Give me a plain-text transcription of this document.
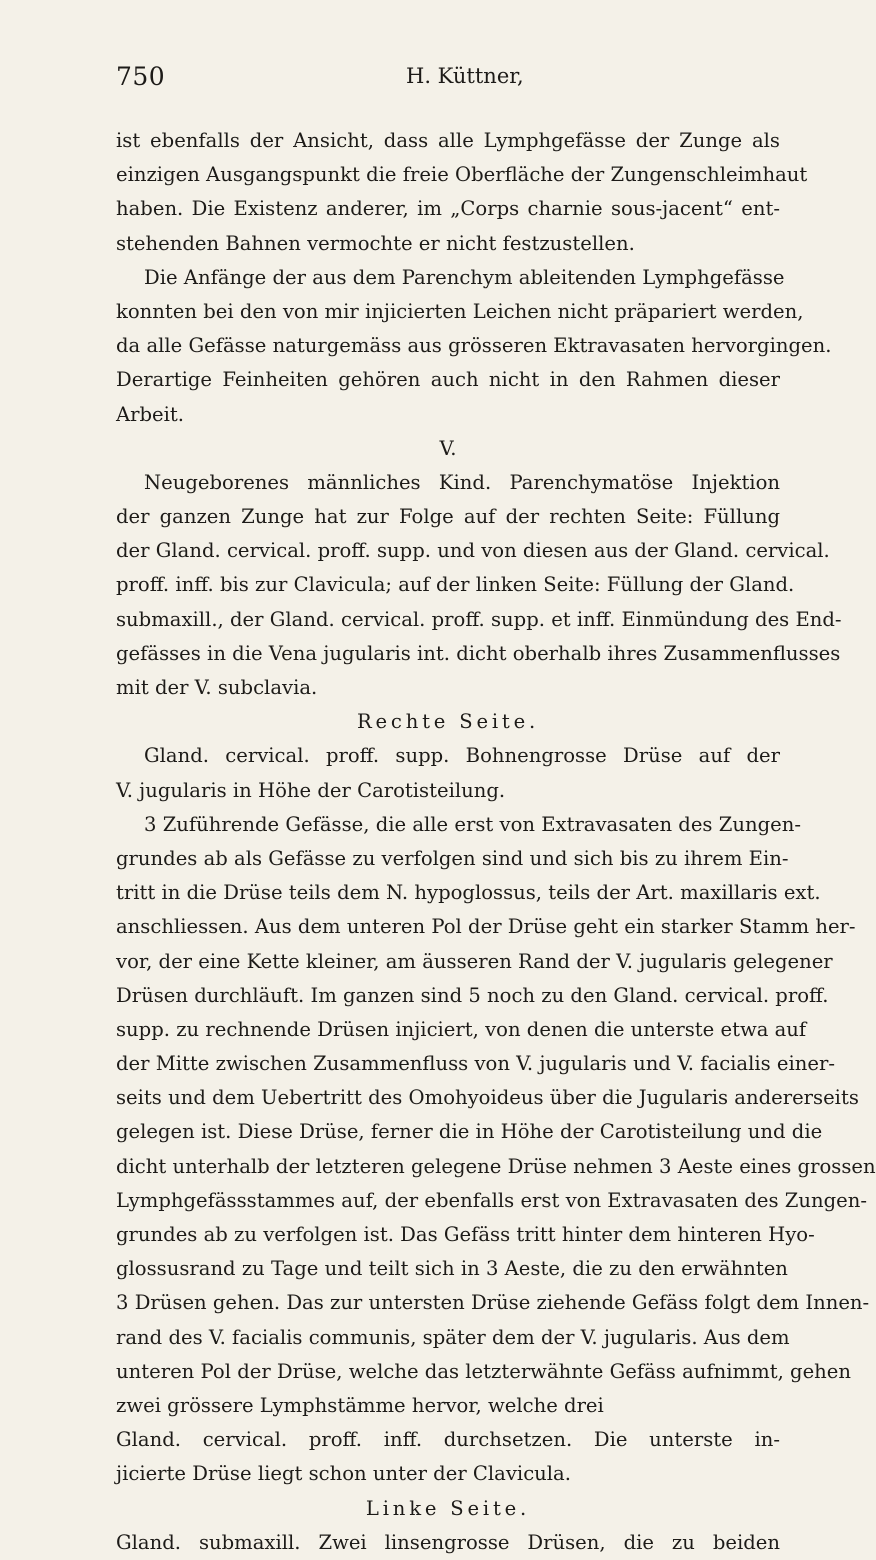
750	H. Küttner,
ist ebenfalls der Ansicht, dass alle Lymphgefässe der Zunge als
einzigen Ausgangspunkt die freie Oberfläche der Zungenschleimhaut
haben. Die Existenz anderer, im „Corps charnie sous-jacent“ ent-
stehenden Bahnen vermochte er nicht festzustellen.
Die Anfänge der aus dem Parenchym ableitenden Lymphgefässe
konnten bei den von mir injicierten Leichen nicht präpariert werden,
da alle Gefässe naturgemäss aus grösseren Ektravasaten hervorgingen.
Derartige Feinheiten gehören auch nicht in den Rahmen dieser
Arbeit.
V.
Neugeborenes männliches Kind. Parenchymatöse Injektion
der ganzen Zunge hat zur Folge auf der rechten Seite: Füllung
der Gland. cervical. proff. supp. und von diesen aus der Gland. cervical.
proff. inff. bis zur Clavicula; auf der linken Seite: Füllung der Gland.
submaxill., der Gland. cervical. proff. supp. et inff. Einmündung des End-
gefässes in die Vena jugularis int. dicht oberhalb ihres Zusammenflusses
mit der V. subclavia.
Rechte Seite.
Gland. cervical. proff. supp. Bohnengrosse Drüse auf der
V. jugularis in Höhe der Carotisteilung.
3 Zuführende Gefässe, die alle erst von Extravasaten des Zungen-
grundes ab als Gefässe zu verfolgen sind und sich bis zu ihrem Ein-
tritt in die Drüse teils dem N. hypoglossus, teils der Art. maxillaris ext.
anschliessen. Aus dem unteren Pol der Drüse geht ein starker Stamm her-
vor, der eine Kette kleiner, am äusseren Rand der V. jugularis gelegener
Drüsen durchläuft. Im ganzen sind 5 noch zu den Gland. cervical. proff.
supp. zu rechnende Drüsen injiciert, von denen die unterste etwa auf
der Mitte zwischen Zusammenfluss von V. jugularis und V. facialis einer-
seits und dem Uebertritt des Omohyoideus über die Jugularis andererseits
gelegen ist. Diese Drüse, ferner die in Höhe der Carotisteilung und die
dicht unterhalb der letzteren gelegene Drüse nehmen 3 Aeste eines grossen
Lymphgefässstammes auf, der ebenfalls erst von Extravasaten des Zungen-
grundes ab zu verfolgen ist. Das Gefäss tritt hinter dem hinteren Hyo-
glossusrand zu Tage und teilt sich in 3 Aeste, die zu den erwähnten
3 Drüsen gehen. Das zur untersten Drüse ziehende Gefäss folgt dem Innen-
rand des V. facialis communis, später dem der V. jugularis. Aus dem
unteren Pol der Drüse, welche das letzterwähnte Gefäss aufnimmt, gehen
zwei grössere Lymphstämme hervor, welche drei
Gland. cervical. proff. inff. durchsetzen. Die unterste in-
jicierte Drüse liegt schon unter der Clavicula.
Linke Seite.
Gland. submaxill. Zwei linsengrosse Drüsen, die zu beiden
